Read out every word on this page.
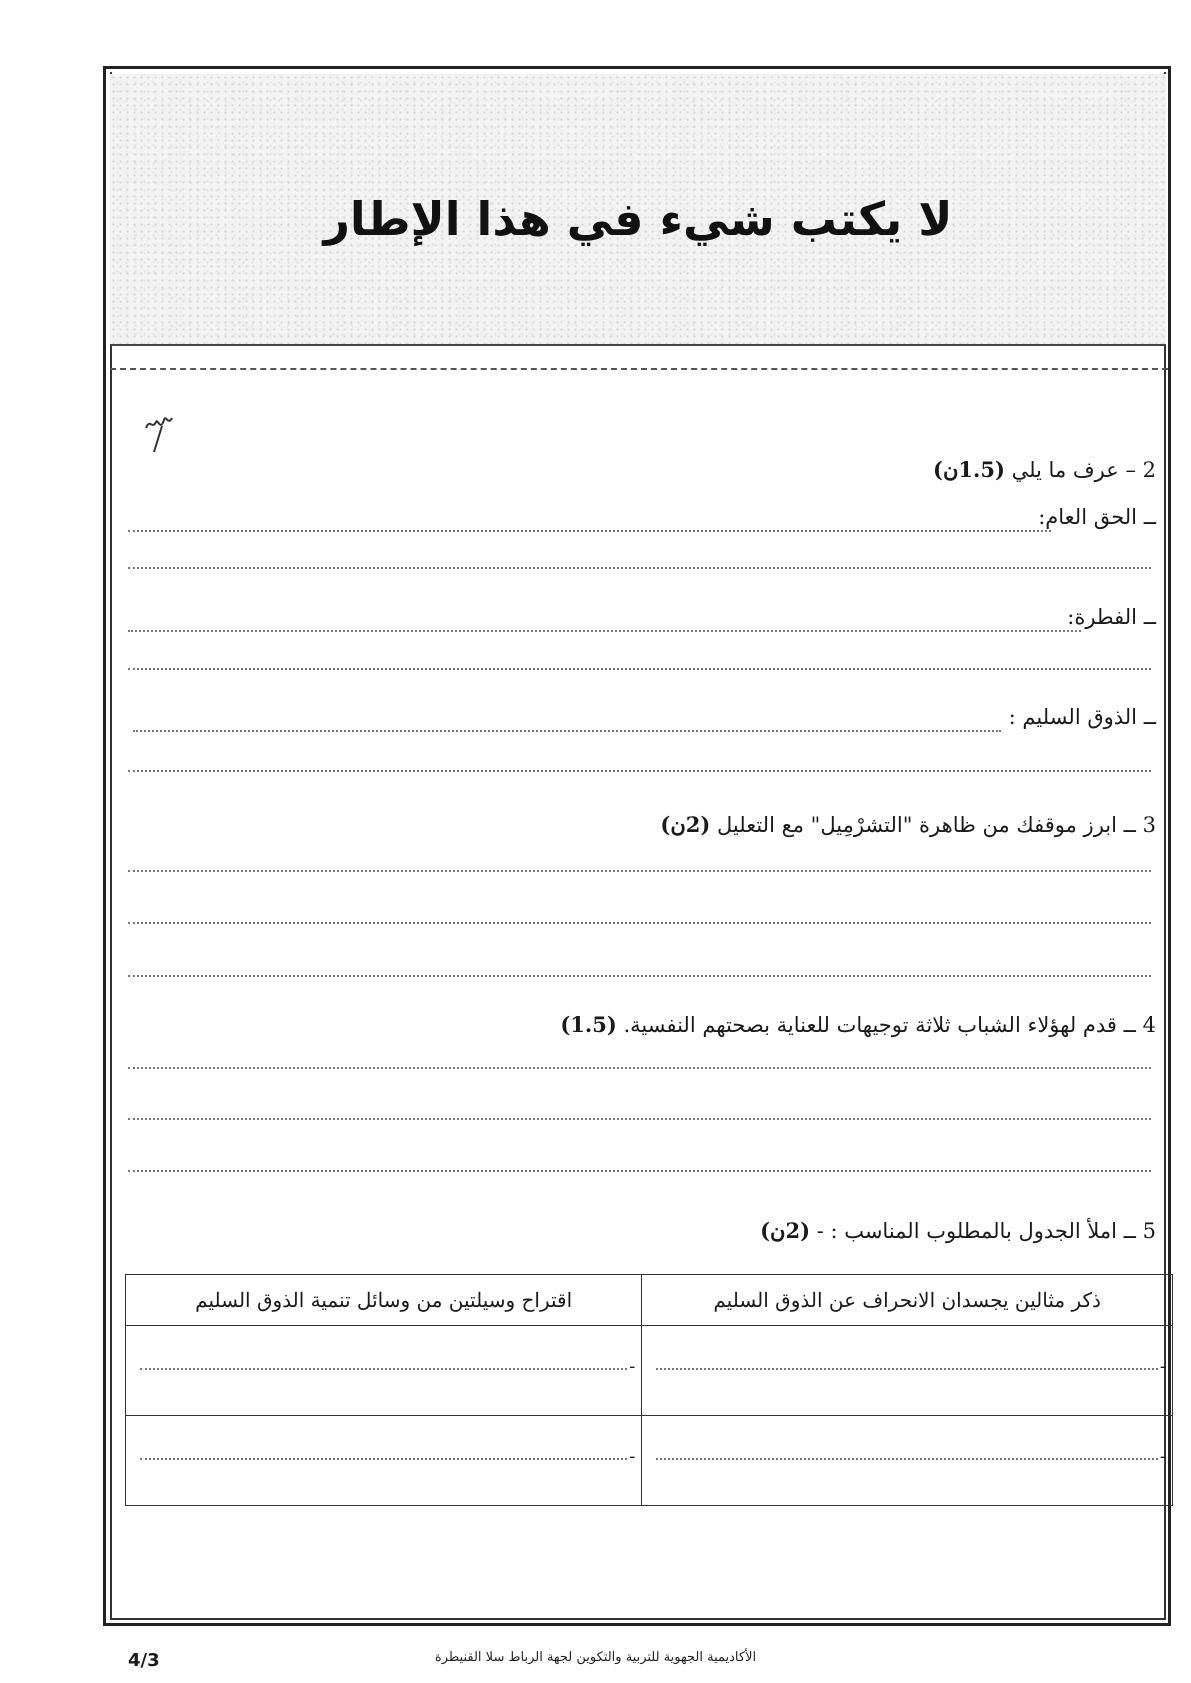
لا يكتب شيء في هذا الإطار
2 – عرف ما يلي (1.5ن)
ــ الحق العام:
ــ الفطرة:
ــ الذوق السليم :
3 ــ ابرز موقفك من ظاهرة "التشرْمِيل" مع التعليل (2ن)
4 ــ قدم لهؤلاء الشباب ثلاثة توجيهات للعناية بصحتهم النفسية. (1.5)
5 ــ املأ الجدول بالمطلوب المناسب : - (2ن)
ذكر مثالين يجسدان الانحراف عن الذوق السليم	اقتراح وسيلتين من وسائل تنمية الذوق السليم

-	-

-	-
الأكاديمية الجهوية للتربية والتكوين لجهة الرباط سلا القنيطرة
4/3
